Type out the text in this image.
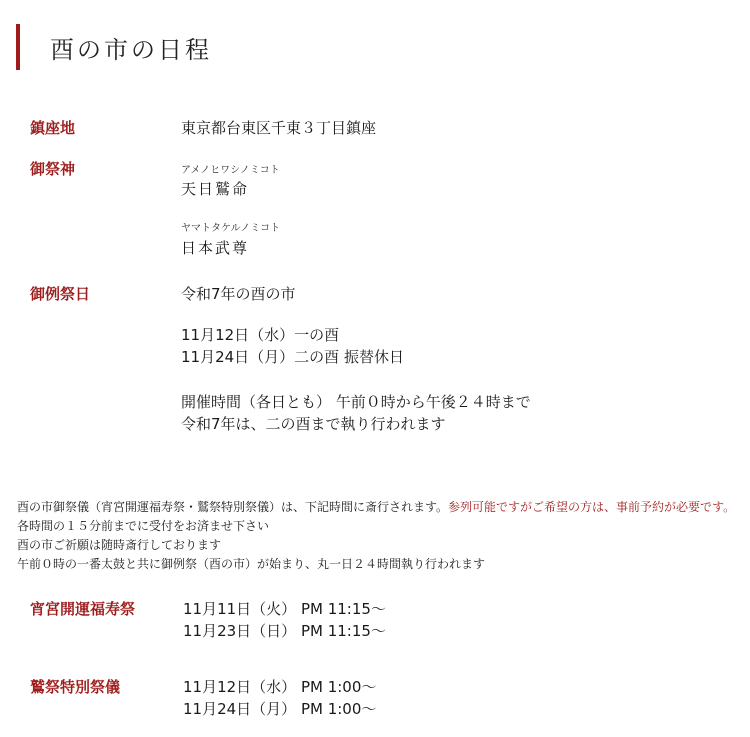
酉の市の日程
鎮座地	東京都台東区千東３丁目鎮座
御祭神	アメノヒワシノミコト
天日鷲命
ヤマトタケルノミコト
日本武尊
御例祭日	令和7年の酉の市
11月12日（水）一の酉
11月24日（月）二の酉 振替休日
開催時間（各日とも） 午前０時から午後２４時まで
令和7年は、二の酉まで執り行われます
酉の市御祭儀（宵宮開運福寿祭・鷲祭特別祭儀）は、下記時間に斎行されます。参列可能ですがご希望の方は、事前予約が必要です。各時間の１５分前までに受付をお済ませ下さい
酉の市ご祈願は随時斎行しております
午前０時の一番太鼓と共に御例祭（酉の市）が始まり、丸一日２４時間執り行われます
宵宮開運福寿祭	11月11日（火） PM 11:15～
11月23日（日） PM 11:15～
鷲祭特別祭儀	11月12日（水） PM 1:00～
11月24日（月） PM 1:00～
